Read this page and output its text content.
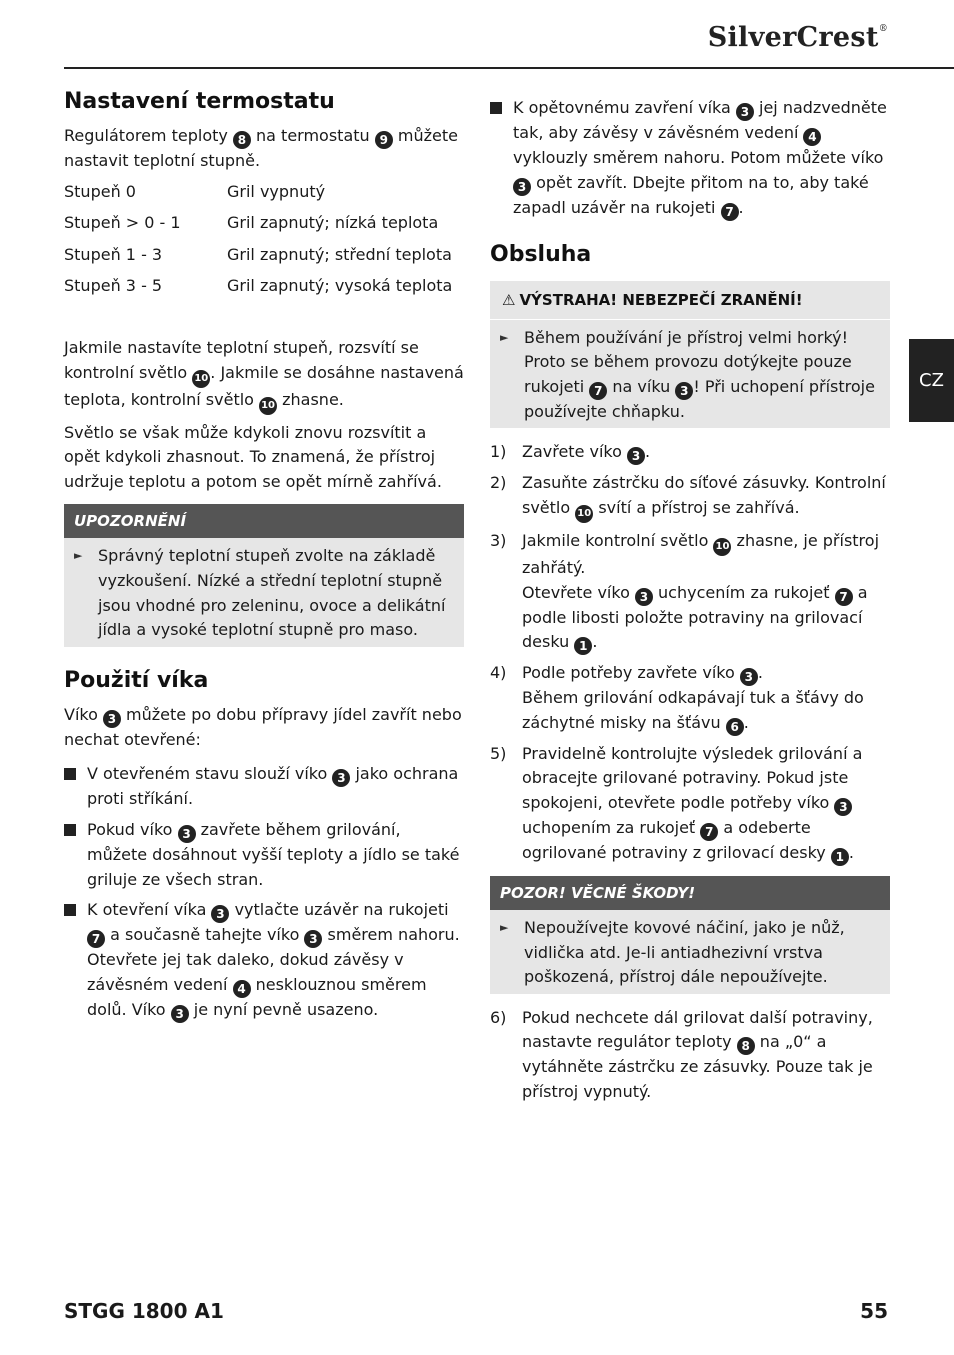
SilverCrest®
CZ
Nastavení termostatu

Regulátorem teploty 8 na termostatu 9 můžete nastavit teplotní stupně.

Stupeň 0	Gril vypnutý
Stupeň > 0 - 1	Gril zapnutý; nízká teplota
Stupeň 1 - 3	Gril zapnutý; střední teplota
Stupeň 3 - 5	Gril zapnutý; vysoká teplota

Jakmile nastavíte teplotní stupeň, rozsvítí se kontrolní světlo 10 . Jakmile se dosáhne nastavená teplota, kontrolní světlo 10 zhasne.

Světlo se však může kdykoli znovu rozsvítit a opět kdykoli zhasnout. To znamená, že přístroj udržuje teplotu a potom se opět mírně zahřívá.

UPOZORNĚNÍ
► Správný teplotní stupeň zvolte na základě vyzkoušení. Nízké a střední teplotní stupně jsou vhodné pro zeleninu, ovoce a delikátní jídla a vysoké teplotní stupně pro maso.
Použití víka

Víko 3 můžete po dobu přípravy jídel zavřít nebo nechat otevřené:

V otevřeném stavu slouží víko 3 jako ochrana proti stříkání.
Pokud víko 3 zavřete během grilování, můžete dosáhnout vyšší teploty a jídlo se také griluje ze všech stran.
K otevření víka 3 vytlačte uzávěr na rukojeti 7 a současně tahejte víko 3 směrem nahoru. Otevřete jej tak daleko, dokud závěsy v závěsném vedení 4 nesklouznou směrem dolů. Víko 3 je nyní pevně usazeno.
K opětovnému zavření víka 3 jej nadzvedněte tak, aby závěsy v závěsném vedení 4 vyklouzly směrem nahoru. Potom můžete víko 3 opět zavřít. Dbejte přitom na to, aby také zapadl uzávěr na rukojeti 7 .
Obsluha
⚠ VÝSTRAHA! NEBEZPEČÍ ZRANĚNÍ!
► Během používání je přístroj velmi horký! Proto se během provozu dotýkejte pouze rukojeti 7 na víku 3 ! Při uchopení přístroje používejte chňapku.
1) Zavřete víko 3 .
2) Zasuňte zástrčku do síťové zásuvky. Kontrolní světlo 10 svítí a přístroj se zahřívá.
3) Jakmile kontrolní světlo 10 zhasne, je přístroj zahřátý.
Otevřete víko 3 uchycením za rukojeť 7 a podle libosti položte potraviny na grilovací desku 1 .
4) Podle potřeby zavřete víko 3 .
Během grilování odkapávají tuk a šťávy do záchytné misky na šťávu 6 .
5) Pravidelně kontrolujte výsledek grilování a obracejte grilované potraviny. Pokud jste spokojeni, otevřete podle potřeby víko 3 uchopením za rukojeť 7 a odeberte ogrilované potraviny z grilovací desky 1 .
POZOR! VĚCNÉ ŠKODY!
► Nepoužívejte kovové náčiní, jako je nůž, vidlička atd. Je-li antiadhezivní vrstva poškozená, přístroj dále nepoužívejte.
6) Pokud nechcete dál grilovat další potraviny, nastavte regulátor teploty 8 na „0“ a vytáhněte zástrčku ze zásuvky. Pouze tak je přístroj vypnutý.
STGG 1800 A1	55
